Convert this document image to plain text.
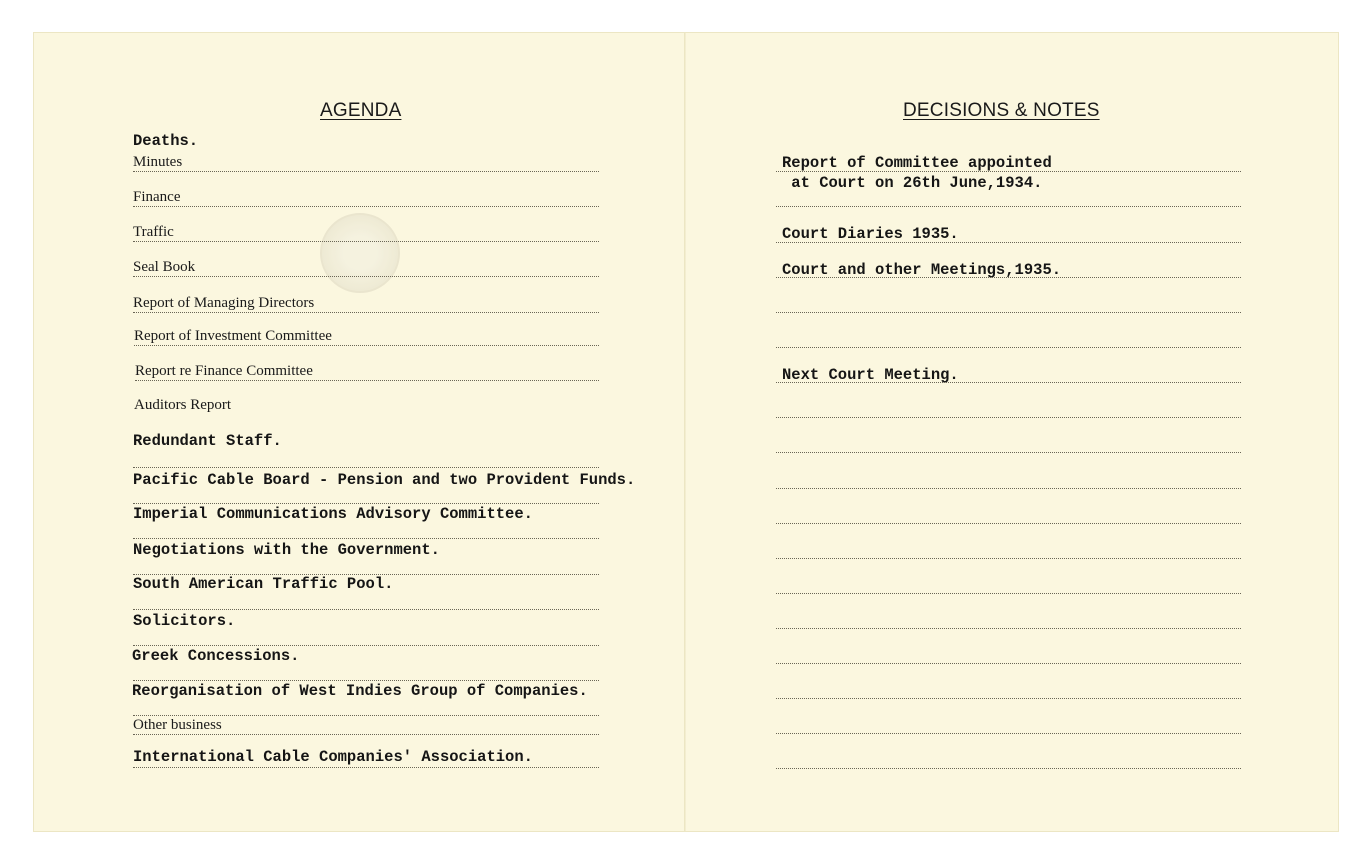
AGENDA
Deaths.
Minutes
Finance
Traffic
Seal Book
Report of Managing Directors
Report of Investment Committee
Report re Finance Committee
Auditors Report
Redundant Staff.
Pacific Cable Board - Pension and two Provident Funds.
Imperial Communications Advisory Committee.
Negotiations with the Government.
South American Traffic Pool.
Solicitors.
Greek Concessions.
Reorganisation of West Indies Group of Companies.
Other business
International Cable Companies' Association.
DECISIONS & NOTES
Report of Committee appointed
at Court on 26th June,1934.
Court Diaries 1935.
Court and other Meetings,1935.
Next Court Meeting.
